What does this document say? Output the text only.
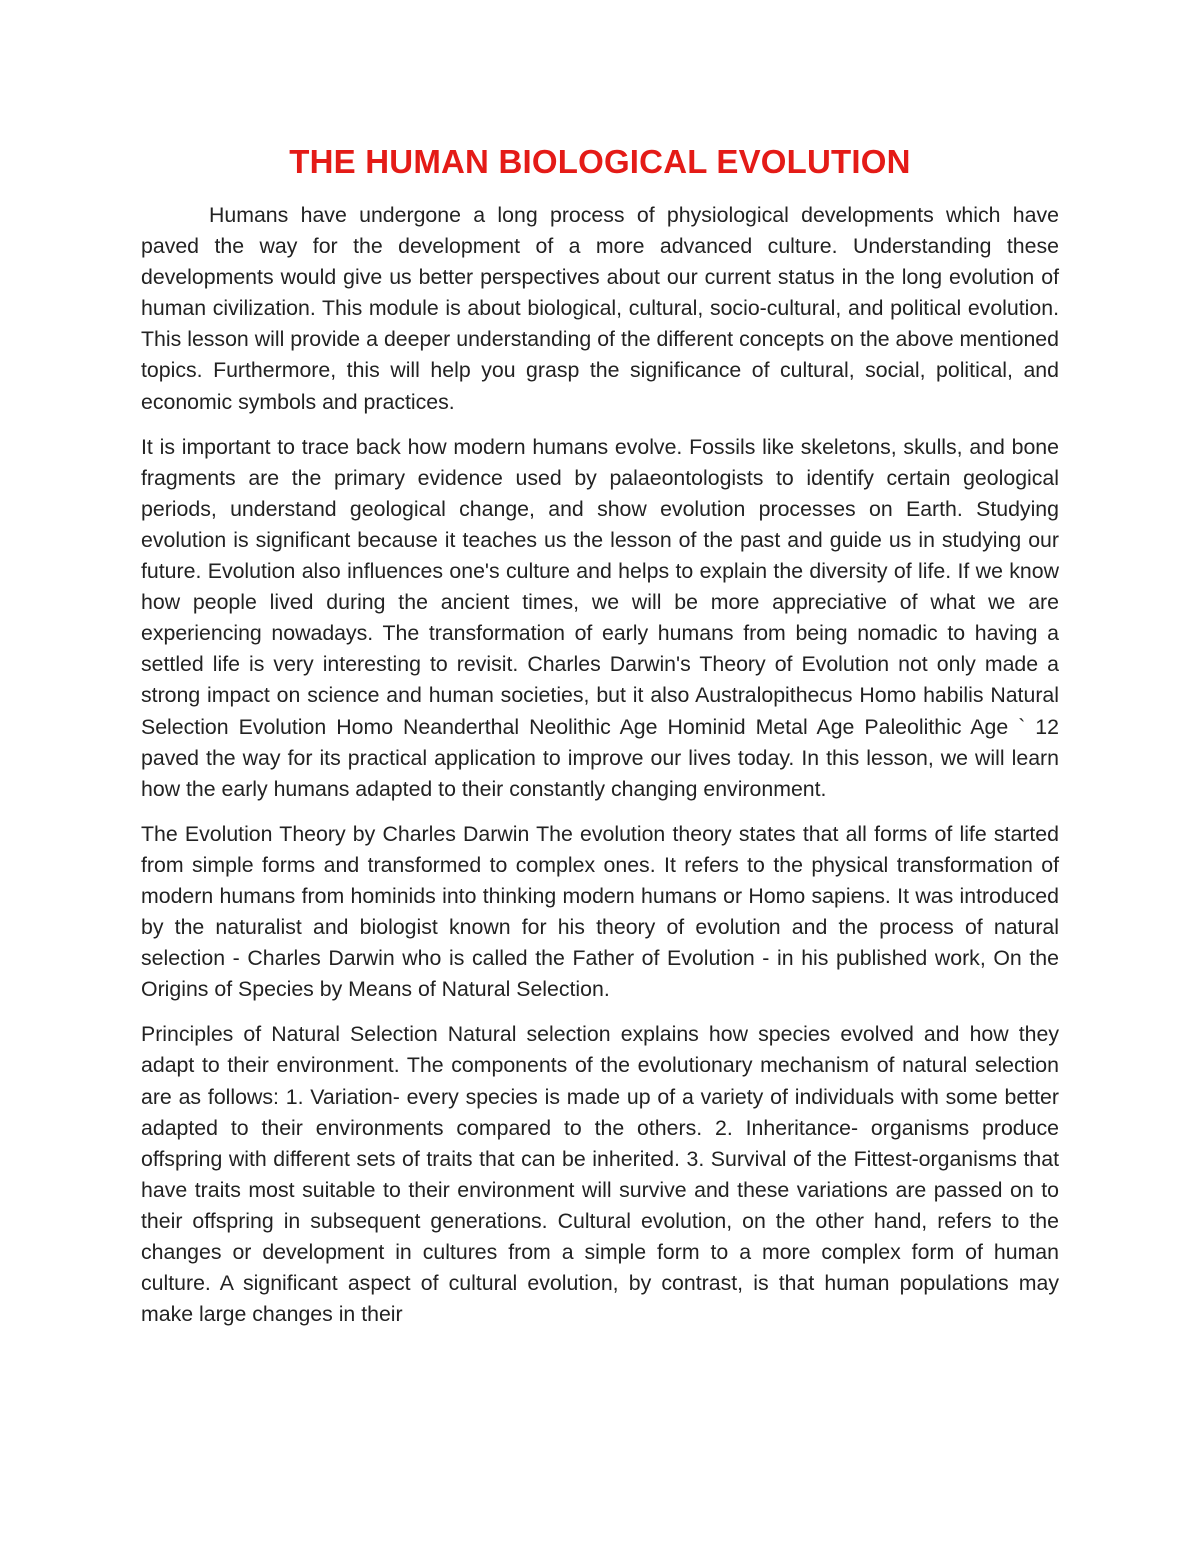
THE HUMAN BIOLOGICAL EVOLUTION

Humans have undergone a long process of physiological developments which have paved the way for the development of a more advanced culture. Understanding these developments would give us better perspectives about our current status in the long evolution of human civilization. This module is about biological, cultural, socio-cultural, and political evolution. This lesson will provide a deeper understanding of the different concepts on the above mentioned topics. Furthermore, this will help you grasp the significance of cultural, social, political, and economic symbols and practices.

It is important to trace back how modern humans evolve. Fossils like skeletons, skulls, and bone fragments are the primary evidence used by palaeontologists to identify certain geological periods, understand geological change, and show evolution processes on Earth. Studying evolution is significant because it teaches us the lesson of the past and guide us in studying our future. Evolution also influences one's culture and helps to explain the diversity of life. If we know how people lived during the ancient times, we will be more appreciative of what we are experiencing nowadays. The transformation of early humans from being nomadic to having a settled life is very interesting to revisit. Charles Darwin's Theory of Evolution not only made a strong impact on science and human societies, but it also Australopithecus Homo habilis Natural Selection Evolution Homo Neanderthal Neolithic Age Hominid Metal Age Paleolithic Age ` 12 paved the way for its practical application to improve our lives today. In this lesson, we will learn how the early humans adapted to their constantly changing environment.

The Evolution Theory by Charles Darwin The evolution theory states that all forms of life started from simple forms and transformed to complex ones. It refers to the physical transformation of modern humans from hominids into thinking modern humans or Homo sapiens. It was introduced by the naturalist and biologist known for his theory of evolution and the process of natural selection - Charles Darwin who is called the Father of Evolution - in his published work, On the Origins of Species by Means of Natural Selection.

Principles of Natural Selection Natural selection explains how species evolved and how they adapt to their environment. The components of the evolutionary mechanism of natural selection are as follows: 1. Variation- every species is made up of a variety of individuals with some better adapted to their environments compared to the others. 2. Inheritance- organisms produce offspring with different sets of traits that can be inherited. 3. Survival of the Fittest-organisms that have traits most suitable to their environment will survive and these variations are passed on to their offspring in subsequent generations. Cultural evolution, on the other hand, refers to the changes or development in cultures from a simple form to a more complex form of human culture. A significant aspect of cultural evolution, by contrast, is that human populations may make large changes in their
